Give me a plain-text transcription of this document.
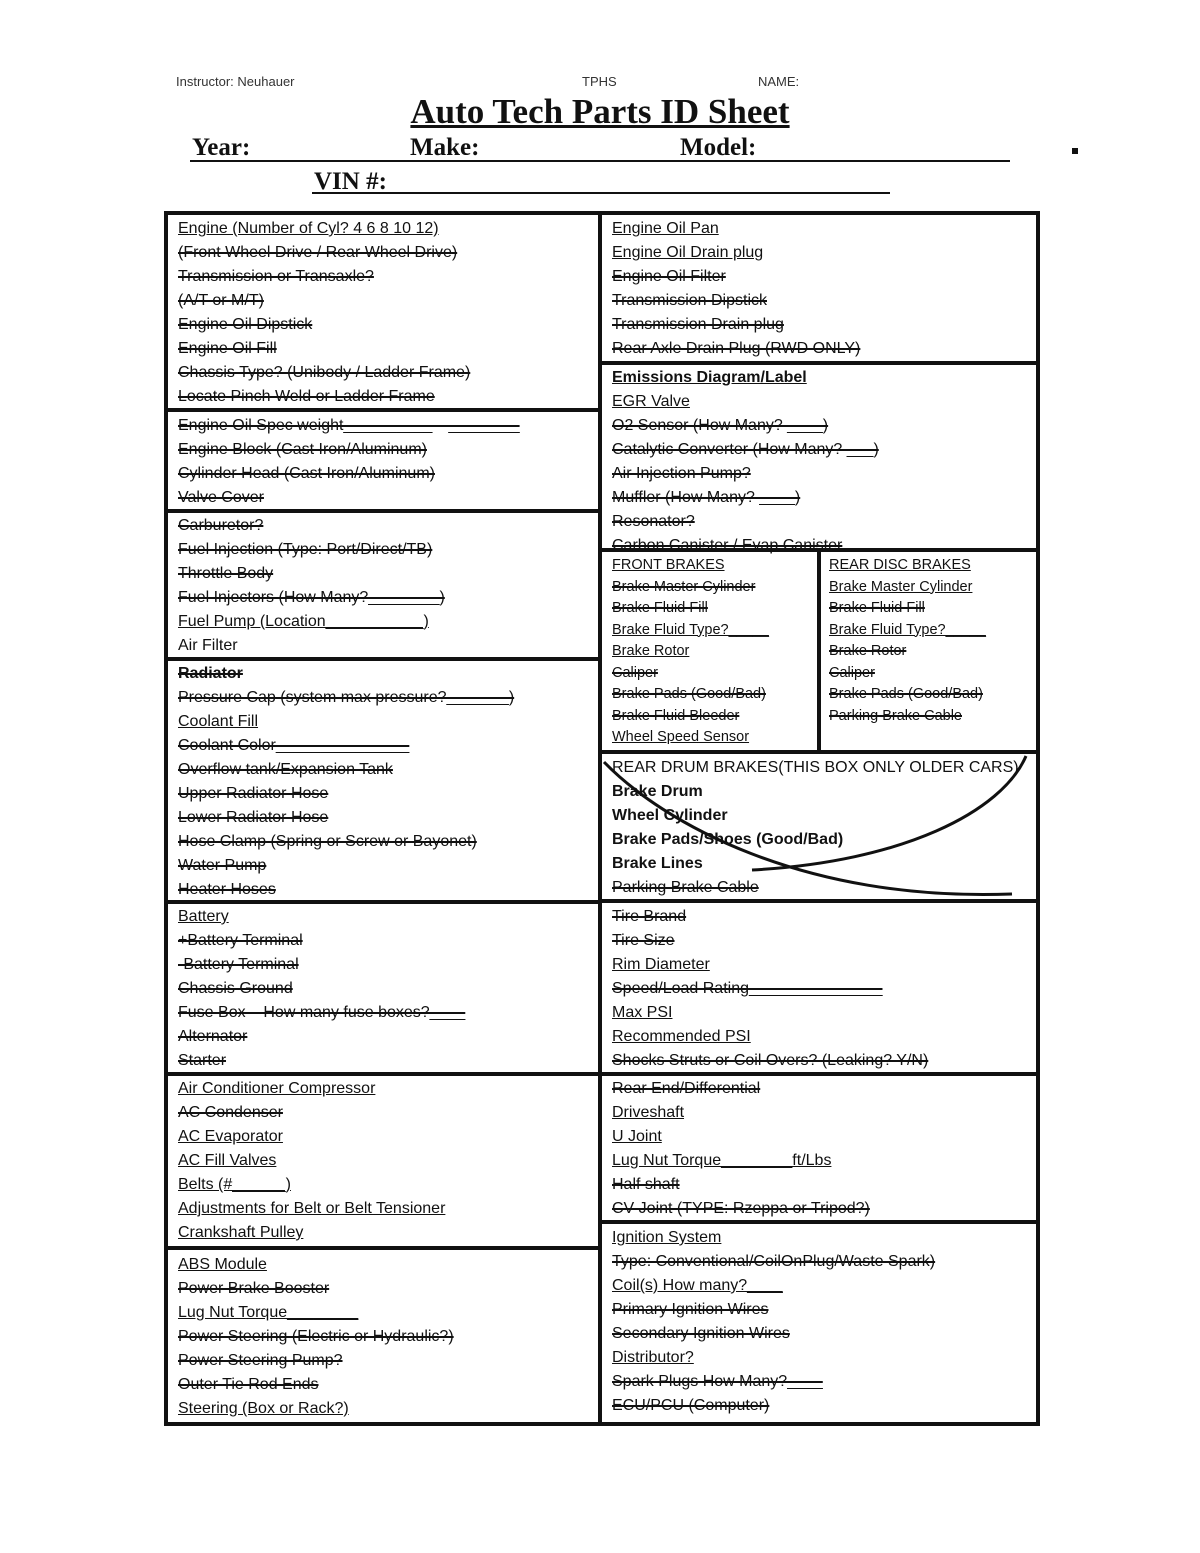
Instructor: Neuhauer	TPHS	NAME:
Auto Tech Parts ID Sheet
Year:	Make:	Model:
VIN #:
Engine (Number of Cyl? 4 6 8 10 12)
(Front Wheel Drive / Rear Wheel Drive)
Transmission or Transaxle?
(A/T or M/T)
Engine Oil Dipstick
Engine Oil Fill
Chassis Type? (Unibody / Ladder Frame)
Locate Pinch Weld or Ladder Frame
Engine Oil Spec weight__________---________
Engine Block (Cast Iron/Aluminum)
Cylinder Head (Cast Iron/Aluminum)
Valve Cover
Carburetor?
Fuel Injection (Type: Port/Direct/TB)
Throttle Body
Fuel Injectors (How Many?________)
Fuel Pump (Location___________)
Air Filter
Radiator
Pressure Cap (system max pressure?_______)
Coolant Fill
Coolant Color_______________
Overflow tank/Expansion Tank
Upper Radiator Hose
Lower Radiator Hose
Hose Clamp (Spring or Screw or Bayonet)
Water Pump
Heater Hoses
Battery
+Battery Terminal
-Battery Terminal
Chassis Ground
Fuse Box – How many fuse boxes?____
Alternator
Starter
Air Conditioner Compressor
AC Condenser
AC Evaporator
AC Fill Valves
Belts (#______)
Adjustments for Belt or Belt Tensioner
Crankshaft Pulley
ABS Module
Power Brake Booster
Lug Nut Torque________
Power Steering (Electric or Hydraulic?)
Power Steering Pump?
Outer Tie Rod Ends
Steering (Box or Rack?)
Engine Oil Pan
Engine Oil Drain plug
Engine Oil Filter
Transmission Dipstick
Transmission Drain plug
Rear Axle Drain Plug (RWD ONLY)
Emissions Diagram/Label
EGR Valve
O2 Sensor (How Many? ____)
Catalytic Converter (How Many? ___)
Air Injection Pump?
Muffler (How Many? ____)
Resonator?
Carbon Canister / Evap Canister
FRONT BRAKES
Brake Master Cylinder
Brake Fluid Fill
Brake Fluid Type?_____
Brake Rotor
Caliper
Brake Pads (Good/Bad)
Brake Fluid Bleeder
Wheel Speed Sensor
REAR DISC BRAKES
Brake Master Cylinder
Brake Fluid Fill
Brake Fluid Type?_____
Brake Rotor
Caliper
Brake Pads (Good/Bad)
Parking Brake Cable
REAR DRUM BRAKES(THIS BOX ONLY OLDER CARS)
Brake Drum
Wheel Cylinder
Brake Pads/Shoes (Good/Bad)
Brake Lines
Parking Brake Cable
Tire Brand
Tire Size
Rim Diameter
Speed/Load Rating_______________
Max PSI
Recommended PSI
Shocks Struts or Coil Overs? (Leaking? Y/N)
Rear End/Differential
Driveshaft
U Joint
Lug Nut Torque________ft/Lbs
Half shaft
CV Joint (TYPE: Rzeppa or Tripod?)
Ignition System
Type: Conventional/CoilOnPlug/Waste Spark)
Coil(s) How many?____
Primary Ignition Wires
Secondary Ignition Wires
Distributor?
Spark Plugs How Many?____
ECU/PCU (Computer)
